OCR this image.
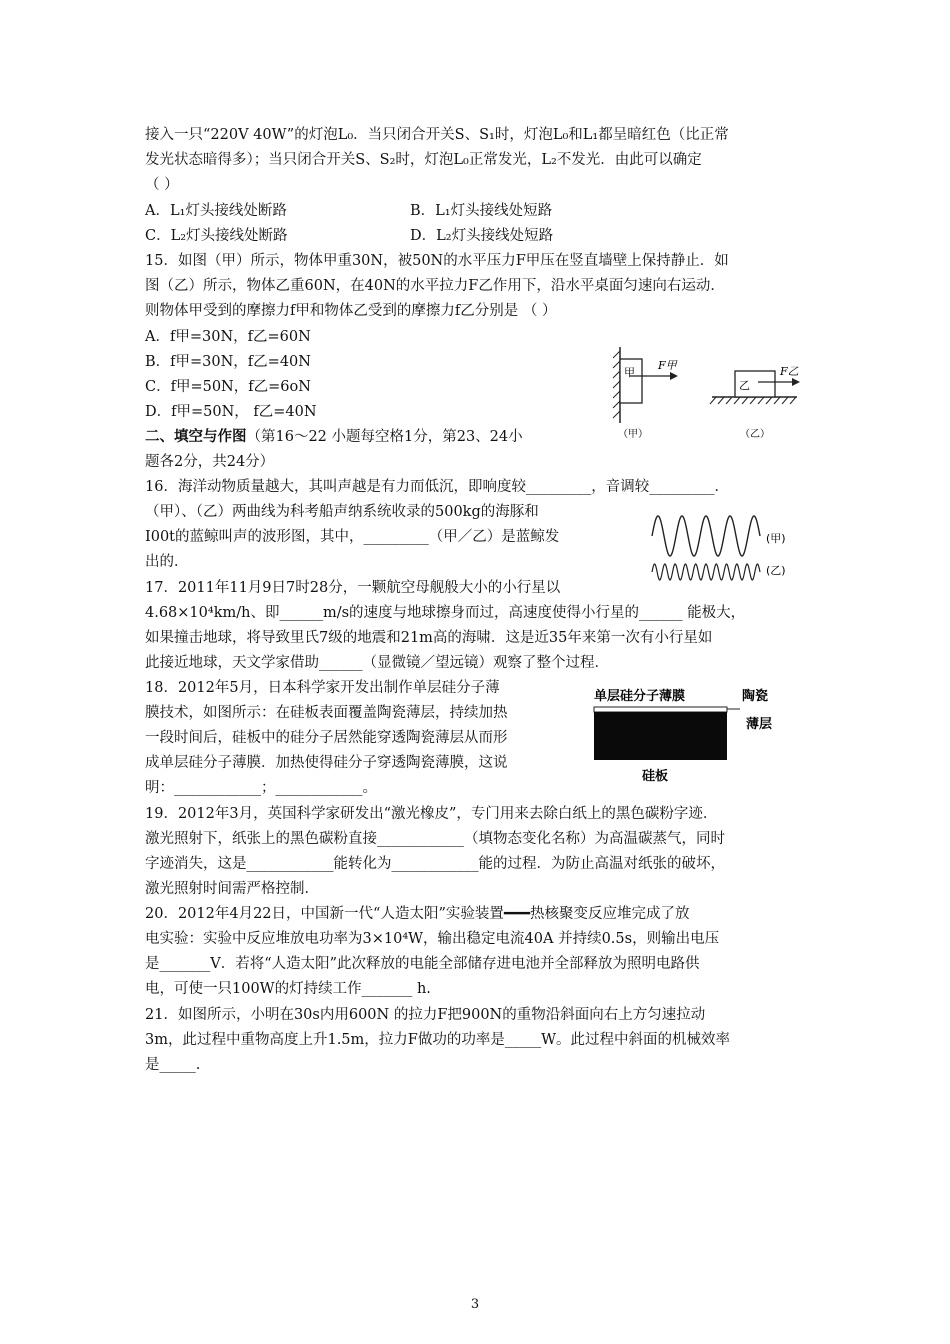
接入一只“220V 40W”的灯泡L₀．当只闭合开关S、S₁时，灯泡L₀和L₁都呈暗红色（比正常
发光状态暗得多）；当只闭合开关S、S₂时，灯泡L₀正常发光，L₂不发光．由此可以确定
（ ）
A．L₁灯头接线处断路	B．L₁灯头接线处短路
C．L₂灯头接线处断路	D．L₂灯头接线处短路
15．如图（甲）所示，物体甲重30N，被50N的水平压力F甲压在竖直墙壁上保持静止．如
图（乙）所示，物体乙重60N，在40N的水平拉力F乙作用下，沿水平桌面匀速向右运动．
则物体甲受到的摩擦力f甲和物体乙受到的摩擦力f乙分别是 （ ）
A．f甲=30N，f乙=60N
B．f甲=30N，f乙=40N
C．f甲=50N，f乙=6oN
D．f甲=50N， f乙=40N
二、填空与作图（第16～22 小题每空格1分，第23、24小
题各2分，共24分）
16．海洋动物质量越大，其叫声越是有力而低沉，即响度较_________，音调较_________．
（甲）、（乙）两曲线为科考船声纳系统收录的500kg的海豚和
I00t的蓝鲸叫声的波形图，其中，_________（甲／乙）是蓝鲸发
出的．
17．2011年11月9日7时28分，一颗航空母舰般大小的小行星以
4.68×10⁴km/h、即______m/s的速度与地球擦身而过，高速度使得小行星的______ 能极大，
如果撞击地球，将导致里氏7级的地震和21m高的海啸．这是近35年来第一次有小行星如
此接近地球，天文学家借助______（显微镜／望远镜）观察了整个过程．
18．2012年5月，日本科学家开发出制作单层硅分子薄
膜技术，如图所示：在硅板表面覆盖陶瓷薄层，持续加热
一段时间后，硅板中的硅分子居然能穿透陶瓷薄层从而形
成单层硅分子薄膜．加热使得硅分子穿透陶瓷薄膜，这说
明：____________；____________。
19．2012年3月，英国科学家研发出“激光橡皮”，专门用来去除白纸上的黑色碳粉字迹．
激光照射下，纸张上的黑色碳粉直接____________（填物态变化名称）为高温碳蒸气，同时
字迹消失，这是____________能转化为____________能的过程．为防止高温对纸张的破坏，
激光照射时间需严格控制．
20．2012年4月22日，中国新一代“人造太阳”实验装置━━━热核聚变反应堆完成了放
电实验：实验中反应堆放电功率为3×10⁴W，输出稳定电流40A 并持续0.5s，则输出电压
是_______V．若将“人造太阳”此次释放的电能全部储存进电池并全部释放为照明电路供
电，可使一只100W的灯持续工作_______ h.
21．如图所示，小明在30s内用600N 的拉力F把900N的重物沿斜面向右上方匀速拉动
3m，此过程中重物高度上升1.5m，拉力F做功的功率是_____W。此过程中斜面的机械效率
是_____.
甲
F甲
乙
F乙
（甲）	（乙）
(甲)
(乙)
单层硅分子薄膜	陶瓷
薄层
硅板
3
